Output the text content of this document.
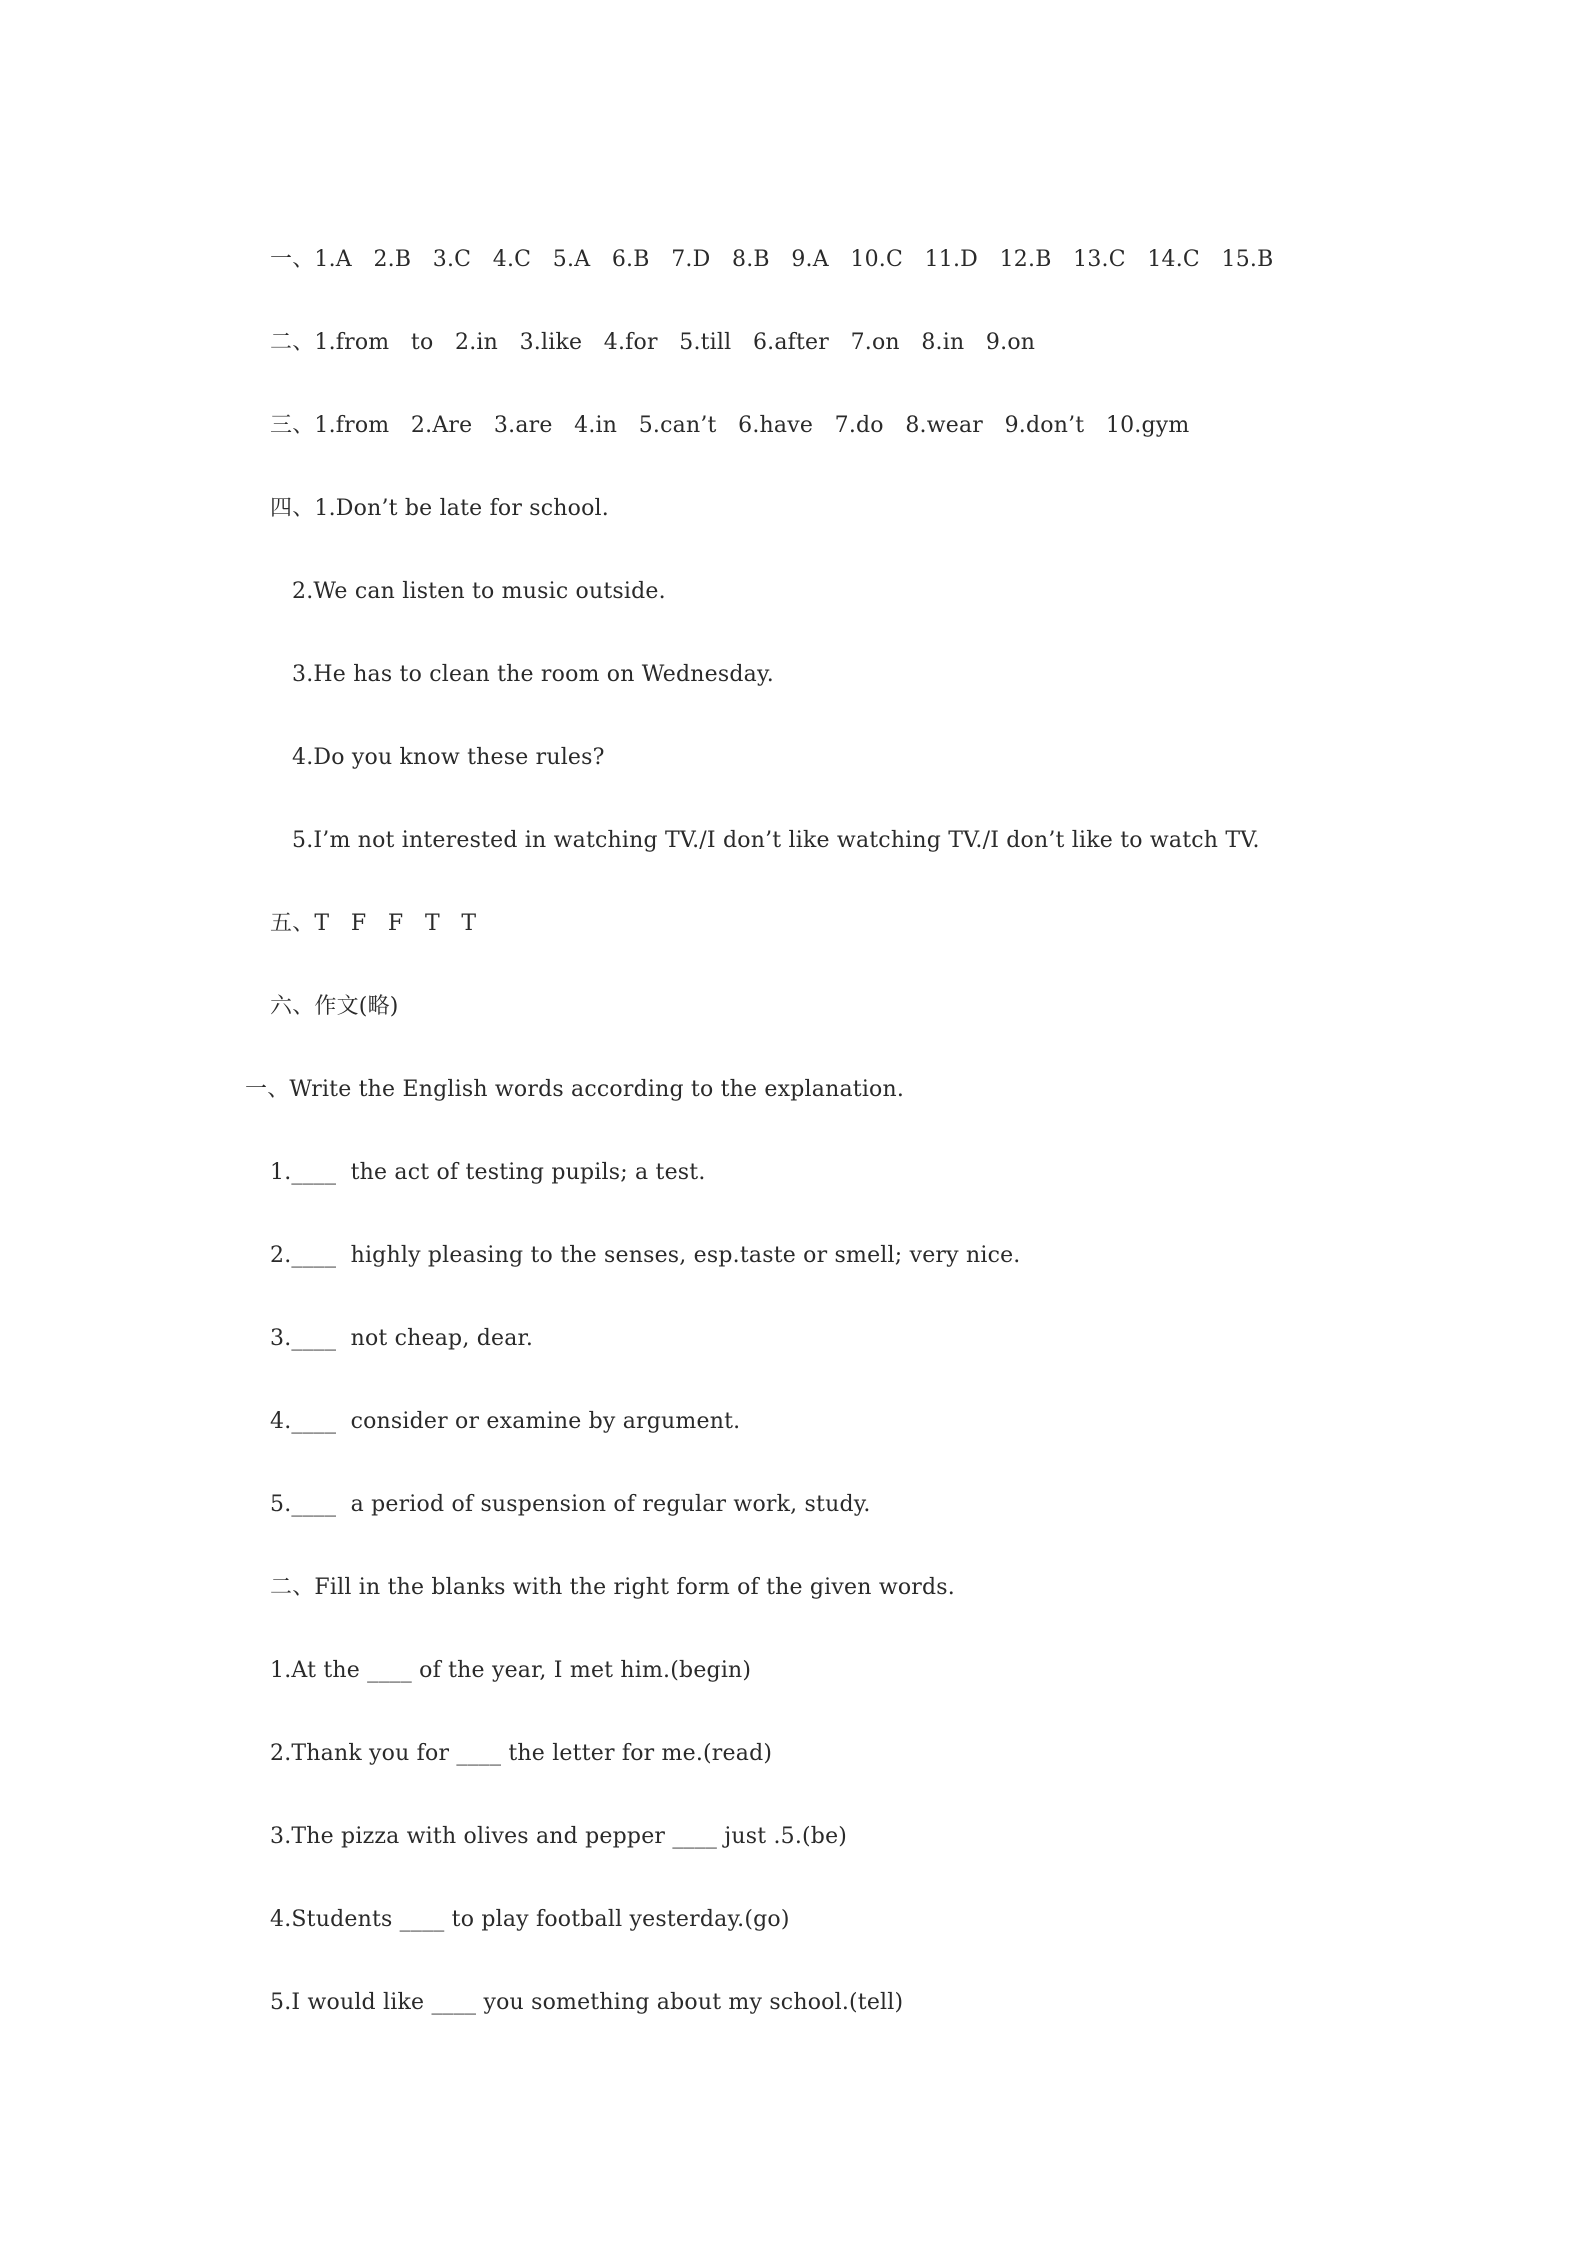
一、1.A   2.B   3.C   4.C   5.A   6.B   7.D   8.B   9.A   10.C   11.D   12.B   13.C   14.C   15.B
二、1.from   to   2.in   3.like   4.for   5.till   6.after   7.on   8.in   9.on
三、1.from   2.Are   3.are   4.in   5.can’t   6.have   7.do   8.wear   9.don’t   10.gym
四、1.Don’t be late for school.
2.We can listen to music outside.
3.He has to clean the room on Wednesday.
4.Do you know these rules?
5.I’m not interested in watching TV./I don’t like watching TV./I don’t like to watch TV.
五、T   F   F   T   T
六、作文(略)
一、Write the English words according to the explanation.
1.____  the act of testing pupils; a test.
2.____  highly pleasing to the senses, esp.taste or smell; very nice.
3.____  not cheap, dear.
4.____  consider or examine by argument.
5.____  a period of suspension of regular work, study.
二、Fill in the blanks with the right form of the given words.
1.At the ____ of the year, I met him.(begin)
2.Thank you for ____ the letter for me.(read)
3.The pizza with olives and pepper ____ just .5.(be)
4.Students ____ to play football yesterday.(go)
5.I would like ____ you something about my school.(tell)
